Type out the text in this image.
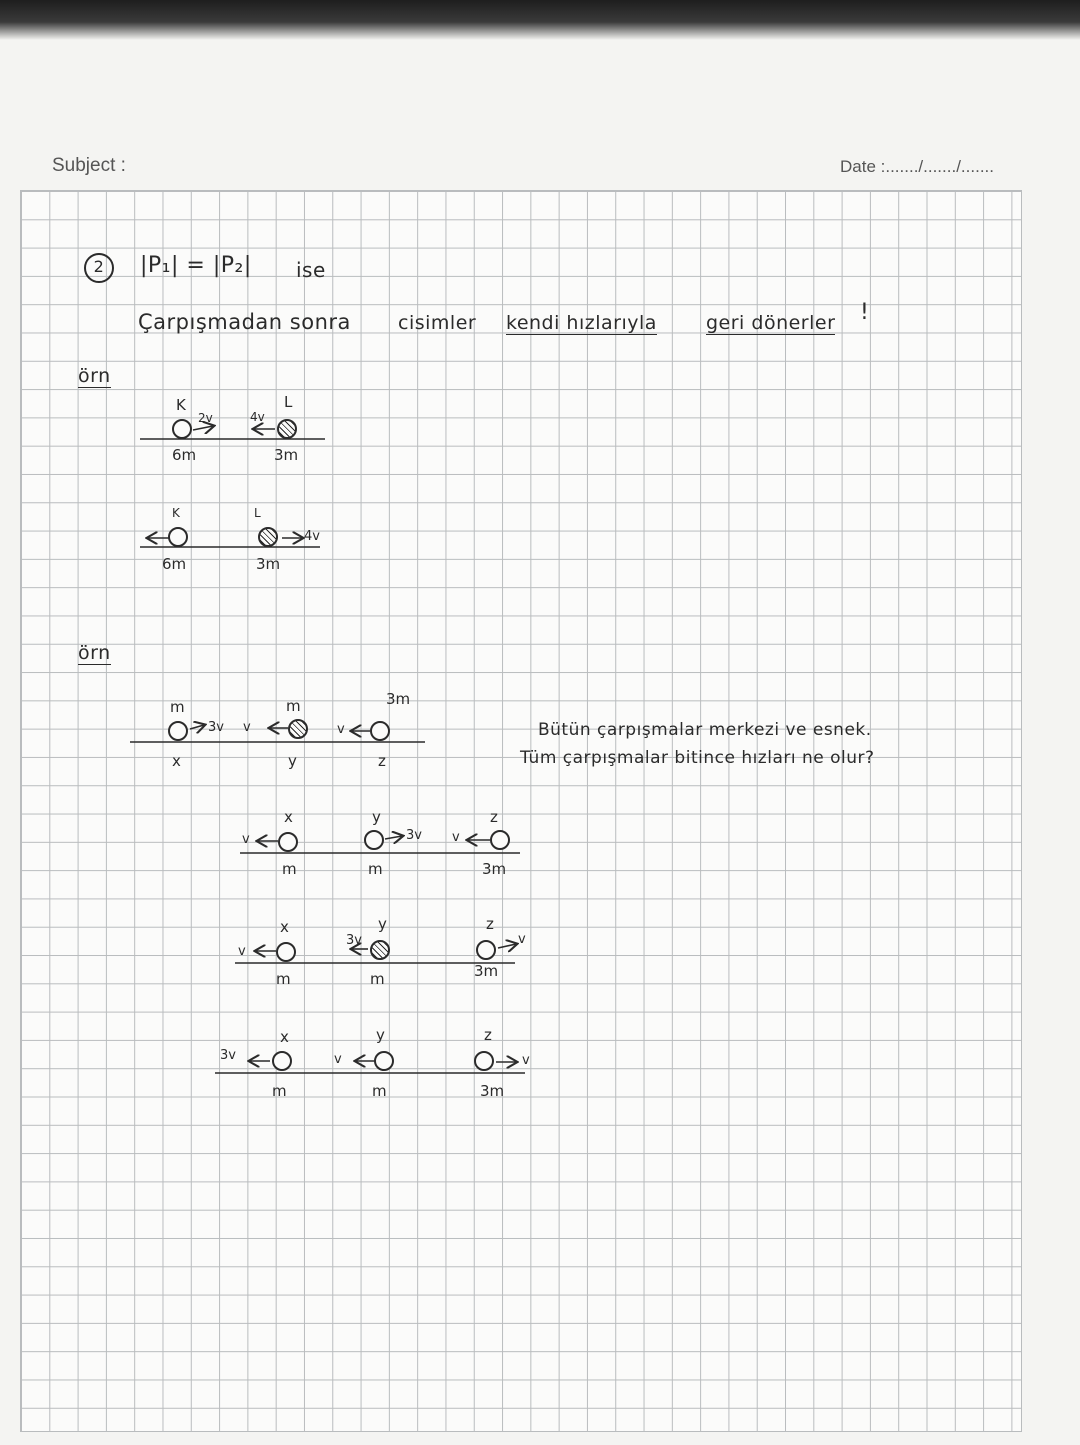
Subject :	Date :......./......./.......
2	|P₁| = |P₂| ise
Çarpışmadan sonra cisimler kendi hızlarıyla	geri dönerler !
örn
K	L
2v	4v
6m	3m
K	L
4v
6m	3m
örn
Bütün çarpışmalar merkezi ve esnek.
Tüm çarpışmalar bitince hızları ne olur?
m	m	3m
3v v	v
x	y	z
x	y	z
v	3v v
m	m	3m
x	y	z
v
3v	v
m	m	3m
x	y	z
3v	v	v
m	m	3m
